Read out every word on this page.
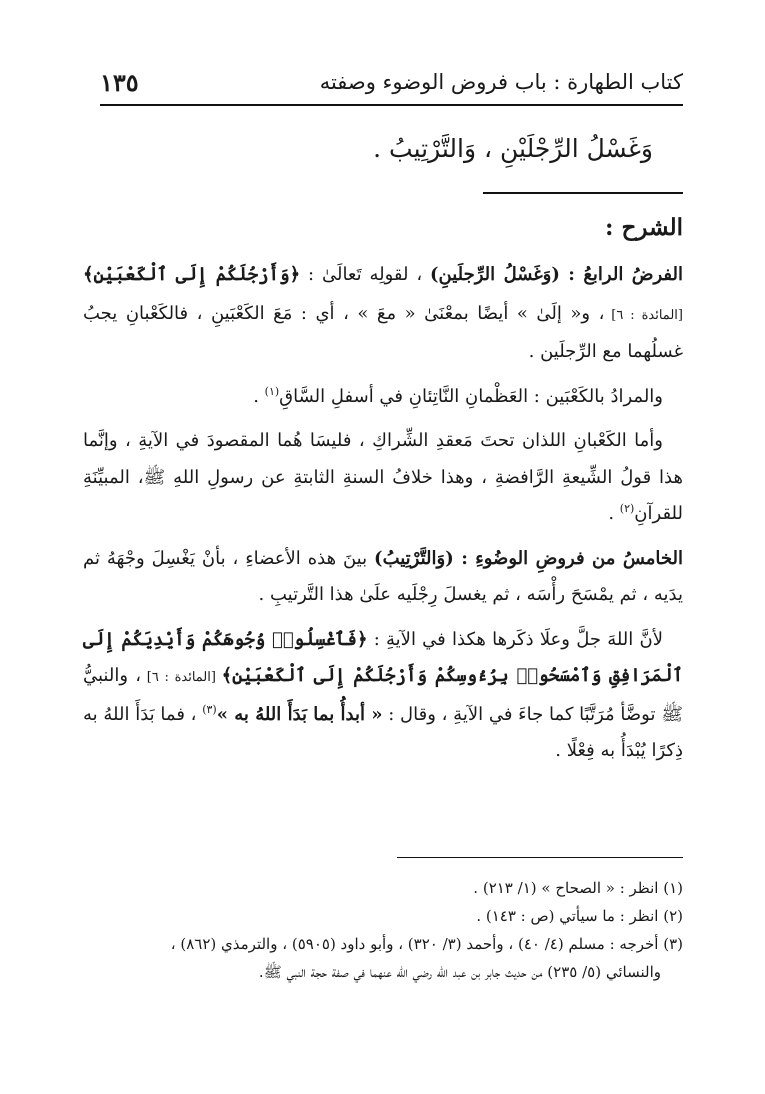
كتاب الطهارة : باب فروض الوضوء وصفته
١٣٥
وَغَسْلُ الرِّجْلَيْنِ ، وَالتَّرْتِيبُ .
الشرح :

الفرضُ الرابعُ : (وَغَسْلُ الرِّجلَينِ) ، لقولِه تَعالَىٰ : ﴿وَأَرْجُلَكُمْ إِلَى ٱلْكَعْبَيْنِ﴾ [المائدة : ٦] ، و« إلَىٰ » أيضًا بمعْنَىٰ « معَ » ، أي : مَعَ الكَعْبَينِ ، فالكَعْبانِ يجبُ غسلُهما مع الرِّجلَين .

والمرادُ بالكَعْبَين : العَظْمانِ النَّاتِئانِ في أسفلِ السَّاقِ$^{(١)}$ .

وأما الكَعْبانِ اللذان تحتَ مَعقدِ الشِّراكِ ، فليسَا هُما المقصودَ في الآيةِ ، وإنَّما هذا قولُ الشِّيعةِ الرَّافضةِ ، وهذا خلافُ السنةِ الثابتةِ عن رسولِ اللهِ ﷺ، المبيِّنَةِ للقرآنِ$^{(٢)}$ .

الخامسُ من فروضِ الوضُوءِ : (وَالتَّرْتِيبُ) بينَ هذه الأعضاءِ ، بأنْ يَغْسِلَ وجْهَهُ ثم يدَيه ، ثم يمْسَحَ رأْسَه ، ثم يغسلَ رِجْلَيه علَىٰ هذا التَّرتيبِ .

لأنَّ اللهَ جلَّ وعلَا ذكَرها هكذا في الآيةِ : ﴿فَٱغْسِلُوا۟ وُجُوهَكُمْ وَأَيْدِيَكُمْ إِلَى ٱلْمَرَافِقِ وَٱمْسَحُوا۟ بِرُءُوسِكُمْ وَأَرْجُلَكُمْ إِلَى ٱلْكَعْبَيْنِ﴾ [المائدة : ٦] ، والنبيُّ ﷺ توضَّأ مُرَتَّبًا كما جاءَ في الآيةِ ، وقال : « أبدأُ بما بَدَأَ اللهُ به »$^{(٣)}$ ، فما بَدَأَ اللهُ به ذِكرًا يُبْدَأُ به فِعْلًا .

(١) انظر : « الصحاح » (١/ ٢١٣) .
(٢) انظر : ما سيأتي (ص : ١٤٣) .
(٣) أخرجه : مسلم (٤/ ٤٠) ، وأحمد (٣/ ٣٢٠) ، وأبو داود (٥٩٠٥) ، والترمذي (٨٦٢) ،
والنسائي (٥/ ٢٣٥) من حديث جابر بن عبد الله رضي الله عنهما في صفة حجة النبي ﷺ.
